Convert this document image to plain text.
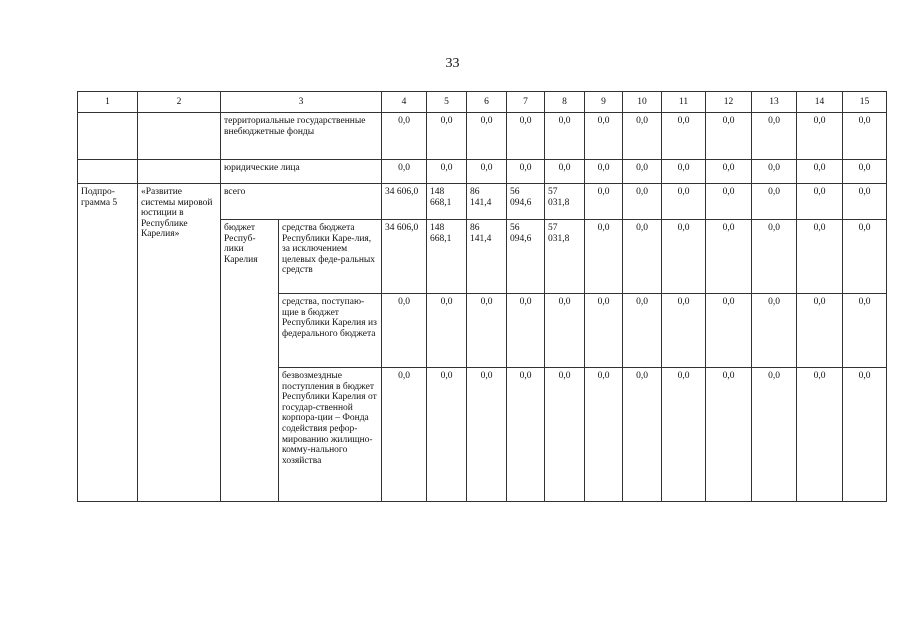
33
1	2	3		4	5	6	7	8	9	10	11	12	13	14	15
		территориальные государственные внебюджетные фонды		0,0	0,0	0,0	0,0	0,0	0,0	0,0	0,0	0,0	0,0	0,0	0,0
		юридические лица		0,0	0,0	0,0	0,0	0,0	0,0	0,0	0,0	0,0	0,0	0,0	0,0
Подпро-грамма 5	«Развитие системы мировой юстиции в Республике Карелия»	всего		34 606,0	148 668,1	86 141,4	56 094,6	57 031,8	0,0	0,0	0,0	0,0	0,0	0,0	0,0
		бюджет Респуб-лики Карелия	средства бюджета Республики Каре-лия, за исключением целевых феде-ральных средств	34 606,0	148 668,1	86 141,4	56 094,6	57 031,8	0,0	0,0	0,0	0,0	0,0	0,0	0,0
			средства, поступаю-щие в бюджет Республики Карелия из федерального бюджета	0,0	0,0	0,0	0,0	0,0	0,0	0,0	0,0	0,0	0,0	0,0	0,0
			безвозмездные поступления в бюджет Республики Карелия от государ-ственной корпора-ции – Фонда содействия рефор-мированию жилищно-комму-нального хозяйства	0,0	0,0	0,0	0,0	0,0	0,0	0,0	0,0	0,0	0,0	0,0	0,0
